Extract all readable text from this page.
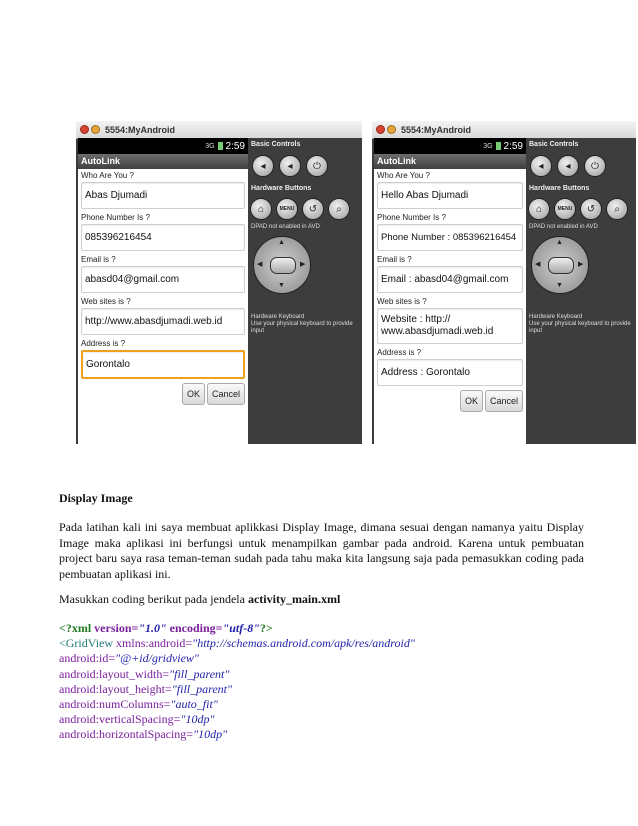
5554:MyAndroid
3G 2:59
AutoLink
Who Are You ?
Abas Djumadi
Phone Number Is ?
085396216454
Email is ?
abasd04@gmail.com
Web sites is ?
http://www.abasdjumadi.web.id
Address is ?
Gorontalo
OK	Cancel
Basic Controls
◂	◂	⏻
Hardware Buttons
⌂	MENU	↺	⌕
DPAD not enabled in AVD
▲
▼
◀	▶
Hardware Keyboard
Use your physical keyboard to provide input
5554:MyAndroid
3G 2:59
AutoLink
Who Are You ?
Hello Abas Djumadi
Phone Number Is ?
Phone Number : 085396216454
Email is ?
Email : abasd04@gmail.com
Web sites is ?
Website : http://
www.abasdjumadi.web.id
Address is ?
Address : Gorontalo
OK	Cancel
Basic Controls
◂	◂	⏻
Hardware Buttons
⌂	MENU	↺	⌕
DPAD not enabled in AVD
▲
▼
◀	▶
Hardware Keyboard
Use your physical keyboard to provide input
Display Image
Pada latihan kali ini saya membuat aplikkasi Display Image, dimana sesuai dengan namanya yaitu Display Image maka aplikasi ini berfungsi untuk menampilkan gambar pada android. Karena untuk pembuatan project baru saya rasa teman-teman sudah pada tahu maka kita langsung saja pada pemasukkan coding pada pembuatan aplikasi ini.
Masukkan coding berikut pada jendela activity_main.xml
<?xml version="1.0" encoding="utf-8"?>
<GridView xmlns:android="http://schemas.android.com/apk/res/android"
android:id="@+id/gridview"
android:layout_width="fill_parent"
android:layout_height="fill_parent"
android:numColumns="auto_fit"
android:verticalSpacing="10dp"
android:horizontalSpacing="10dp"
